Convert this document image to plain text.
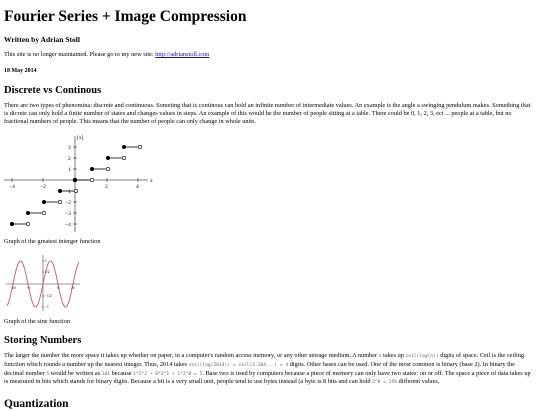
Fourier Series + Image Compression
Written by Adrian Stoll

This site is no longer maintained. Please go to my new site: http://adrianstoll.com

18 May 2014

Discrete vs Continous

There are two types of phenomina: discrete and continuous. Someting that is continous can hold an infinite number of intermediate values. An example is the angle a swinging pendulum makes. Something that is dicrete can only hold a finite number of states and changes values in steps. An example of this would be the number of people sitting at a table. There could be 0, 1, 2, 3, ect ... people at a table, but no fractional numbers of people. This means that the number of people can only change in whole units.

[x]
x
−4	−2	2	4
3
2
1
−1
−2
−3
−4

Graph of the greatest interger function

−2π	−π	π	2π
1
1/2
−1/2
−1

Graph of the sine function

Storing Numbers

The larger the number the more space it takes up whether on paper, in a computer's random access memory, or any other storage medium. A number n takes up ceil(log(n)) digits of space. Ceil is the ceiling function which rounds a number up the nearest integer. Thus, 2014 takes ceil(log(2014)) = ceil(3.304...) = 4 digits. Other bases can be used. One of the most common is binary (base 2). In binary the decimal number 5 would be written as 101 because 1*2^2 + 0*2^1 + 1*2^0 = 5. Base two is used by computers because a piece of memory can only have two states: on or off. The space a piece of data takes up is measured in bits which stands for binary digits. Because a bit is a very small unit, people tend to use bytes instead (a byte is 8 bits and can hold 2^8 = 256 different values.

Quantization
